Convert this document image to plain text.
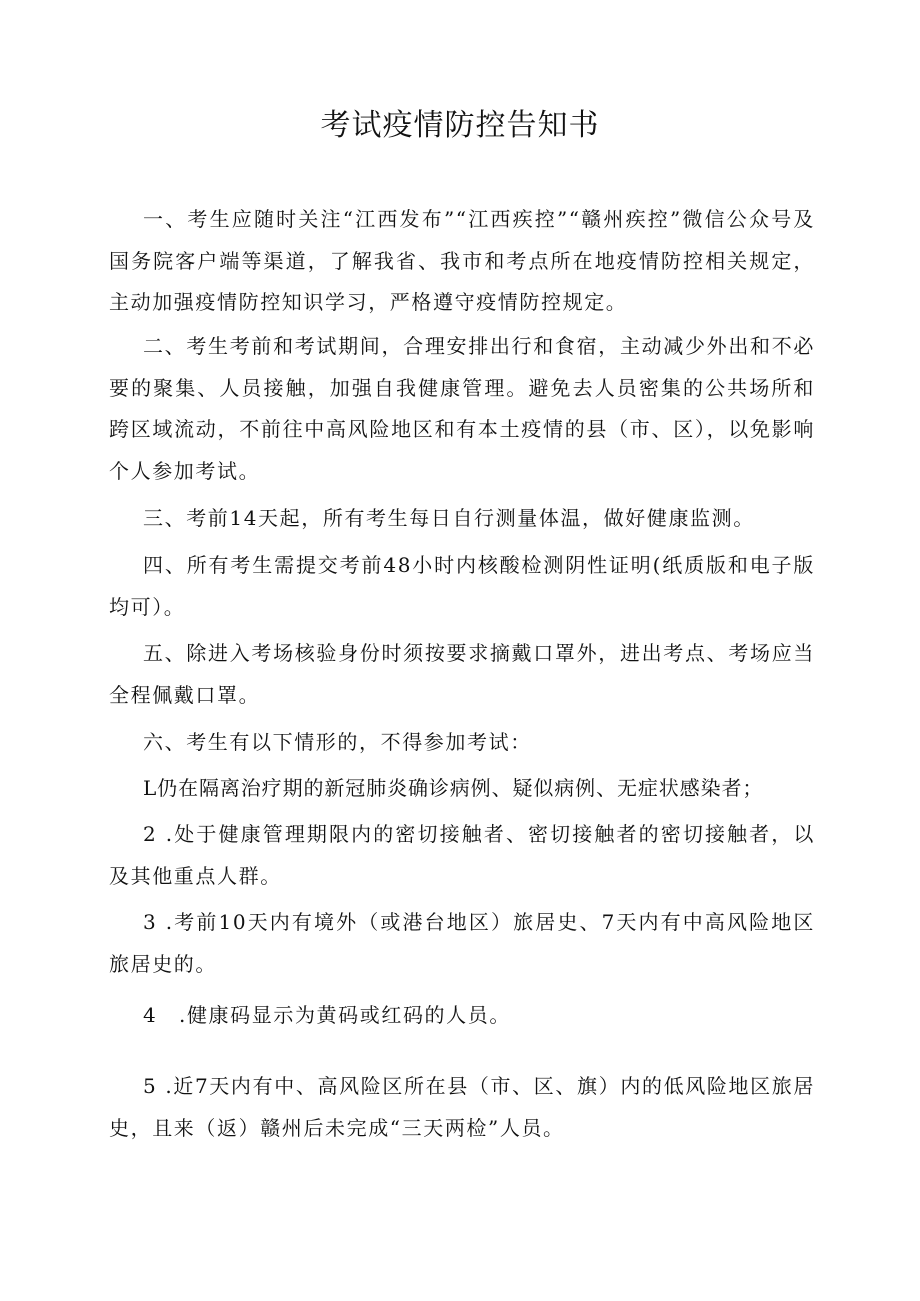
考试疫情防控告知书

一、考生应随时关注“江西发布”“江西疾控”“赣州疾控”微信公众号及国务院客户端等渠道，了解我省、我市和考点所在地疫情防控相关规定，主动加强疫情防控知识学习，严格遵守疫情防控规定。

二、考生考前和考试期间，合理安排出行和食宿，主动减少外出和不必要的聚集、人员接触，加强自我健康管理。避免去人员密集的公共场所和跨区域流动，不前往中高风险地区和有本土疫情的县（市、区），以免影响个人参加考试。

三、考前14天起，所有考生每日自行测量体温，做好健康监测。

四、所有考生需提交考前48小时内核酸检测阴性证明(纸质版和电子版均可）。

五、除进入考场核验身份时须按要求摘戴口罩外，进出考点、考场应当全程佩戴口罩。

六、考生有以下情形的，不得参加考试：

L仍在隔离治疗期的新冠肺炎确诊病例、疑似病例、无症状感染者；

2 .处于健康管理期限内的密切接触者、密切接触者的密切接触者，以及其他重点人群。

3 .考前10天内有境外（或港台地区）旅居史、7天内有中高风险地区旅居史的。

4 .健康码显示为黄码或红码的人员。

5 .近7天内有中、高风险区所在县（市、区、旗）内的低风险地区旅居史，且来（返）赣州后未完成“三天两检”人员。
